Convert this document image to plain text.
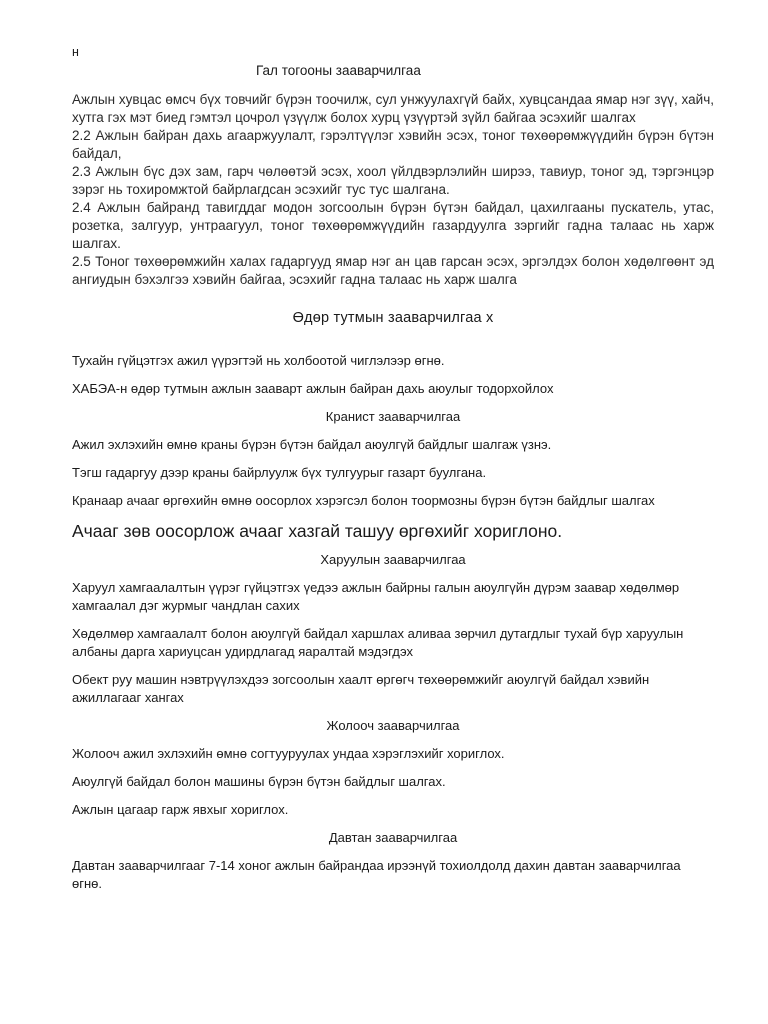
н

Гал тогооны зааварчилгаа

Ажлын хувцас өмсч бүх товчийг бүрэн тоочилж, сул унжуулахгүй байх, хувцсандаа ямар нэг зүү, хайч, хутга гэх мэт биед гэмтэл цочрол үзүүлж болох хурц үзүүртэй зүйл байгаа эсэхийг шалгах

2.2 Ажлын байран дахь агааржуулалт, гэрэлтүүлэг хэвийн эсэх, тоног төхөөрөмжүүдийн бүрэн бүтэн байдал,

2.3 Ажлын бүс дэх зам, гарч чөлөөтэй эсэх, хоол үйлдвэрлэлийн ширээ, тавиур, тоног эд, тэргэнцэр зэрэг нь тохиромжтой байрлагдсан эсэхийг тус тус шалгана.

2.4 Ажлын байранд тавигддаг модон зогсоолын бүрэн бүтэн байдал, цахилгааны пускатель, утас, розетка, залгуур, унтраагуул, тоног төхөөрөмжүүдийн газардуулга зэргийг гадна талаас нь харж шалгах.

2.5 Тоног төхөөрөмжийн халах гадаргууд ямар нэг ан цав гарсан эсэх, эргэлдэх болон хөдөлгөөнт эд ангиудын бэхэлгээ хэвийн байгаа, эсэхийг гадна талаас нь харж шалга

Өдөр тутмын зааварчилгаа х

Тухайн гүйцэтгэх ажил үүрэгтэй нь холбоотой чиглэлээр өгнө.

ХАБЭА-н өдөр тутмын ажлын зааварт ажлын байран дахь аюулыг тодорхойлох

Кранист зааварчилгаа

Ажил эхлэхийн өмнө краны бүрэн бүтэн байдал аюулгүй байдлыг шалгаж үзнэ.

Тэгш гадаргуу дээр краны байрлуулж бүх тулгуурыг газарт буулгана.

Кранаар ачааг өргөхийн өмнө оосорлох хэрэгсэл болон тоормозны бүрэн бүтэн байдлыг шалгах

Ачааг зөв оосорлож ачааг хазгай ташуу өргөхийг хориглоно.

Харуулын зааварчилгаа

Харуул хамгаалалтын үүрэг гүйцэтгэх үедээ ажлын байрны галын аюулгүйн дүрэм заавар хөдөлмөр хамгаалал дэг журмыг чандлан сахих

Хөдөлмөр хамгаалалт болон аюулгүй байдал харшлах аливаа зөрчил дутагдлыг тухай бүр харуулын албаны дарга хариуцсан удирдлагад яаралтай мэдэгдэх

Обект руу машин нэвтрүүлэхдээ зогсоолын хаалт өргөгч төхөөрөмжийг аюулгүй байдал хэвийн ажиллагааг хангах

Жолооч зааварчилгаа

Жолооч ажил эхлэхийн өмнө согтууруулах ундаа хэрэглэхийг хориглох.

Аюулгүй байдал болон машины бүрэн бүтэн байдлыг шалгах.

Ажлын цагаар гарж явхыг хориглох.

Давтан зааварчилгаа

Давтан зааварчилгааг 7-14 хоног ажлын байрандаа ирээнүй тохиолдолд дахин давтан зааварчилгаа өгнө.
